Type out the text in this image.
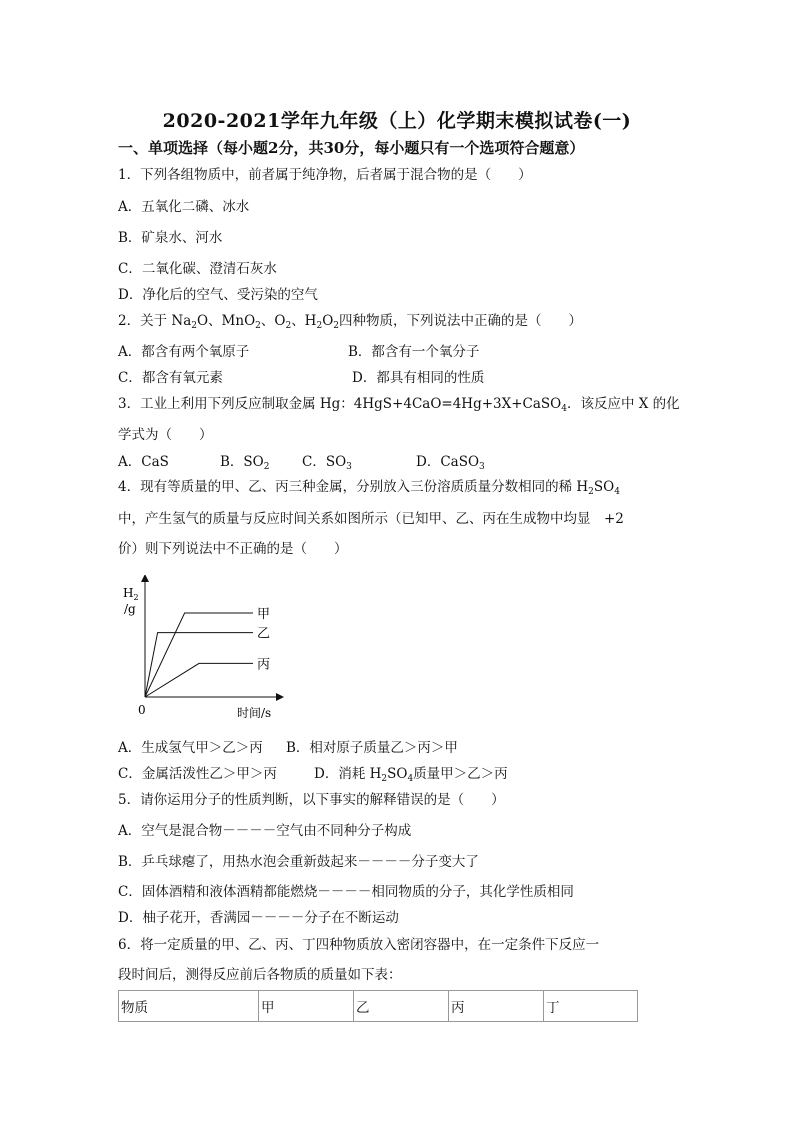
2020-2021学年九年级（上）化学期末模拟试卷(一)
一、单项选择（每小题2分，共30分，每小题只有一个选项符合题意）
1．下列各组物质中，前者属于纯净物，后者属于混合物的是（　　）
A．五氧化二磷、冰水
B．矿泉水、河水
C．二氧化碳、澄清石灰水
D．净化后的空气、受污染的空气
2．关于 $Na_2O$、MnO$_2$、$O_2$、$H_2O_2$四种物质，下列说法中正确的是（　　）
A．都含有两个氧原子	B．都含有一个氧分子
C．都含有氧元素	D．都具有相同的性质
3．工业上利用下列反应制取金属 Hg：4HgS+4CaO=4Hg+3X+CaSO$_4$．该反应中 X 的化
学式为（　　）
A．CaS	B．$SO_2$ C．$SO_3$	D．CaSO$_3$
4．现有等质量的甲、乙、丙三种金属，分别放入三份溶质质量分数相同的稀 $H_2SO_4$
中，产生氢气的质量与反应时间关系如图所示（已知甲、乙、丙在生成物中均显　+2
价）则下列说法中不正确的是（　　）
$H_2$
/g
0	时间/s
甲
乙
丙
A．生成氢气甲＞乙＞丙 B．相对原子质量乙＞丙＞甲
C．金属活泼性乙＞甲＞丙	D．消耗 $H_2SO_4$质量甲＞乙＞丙
5．请你运用分子的性质判断，以下事实的解释错误的是（　　）
A．空气是混合物－－－－空气由不同种分子构成
B．乒乓球瘪了，用热水泡会重新鼓起来－－－－分子变大了
C．固体酒精和液体酒精都能燃烧－－－－相同物质的分子，其化学性质相同
D．柚子花开，香满园－－－－分子在不断运动
6．将一定质量的甲、乙、丙、丁四种物质放入密闭容器中，在一定条件下反应一
段时间后，测得反应前后各物质的质量如下表：
物质	甲	乙	丙	丁
